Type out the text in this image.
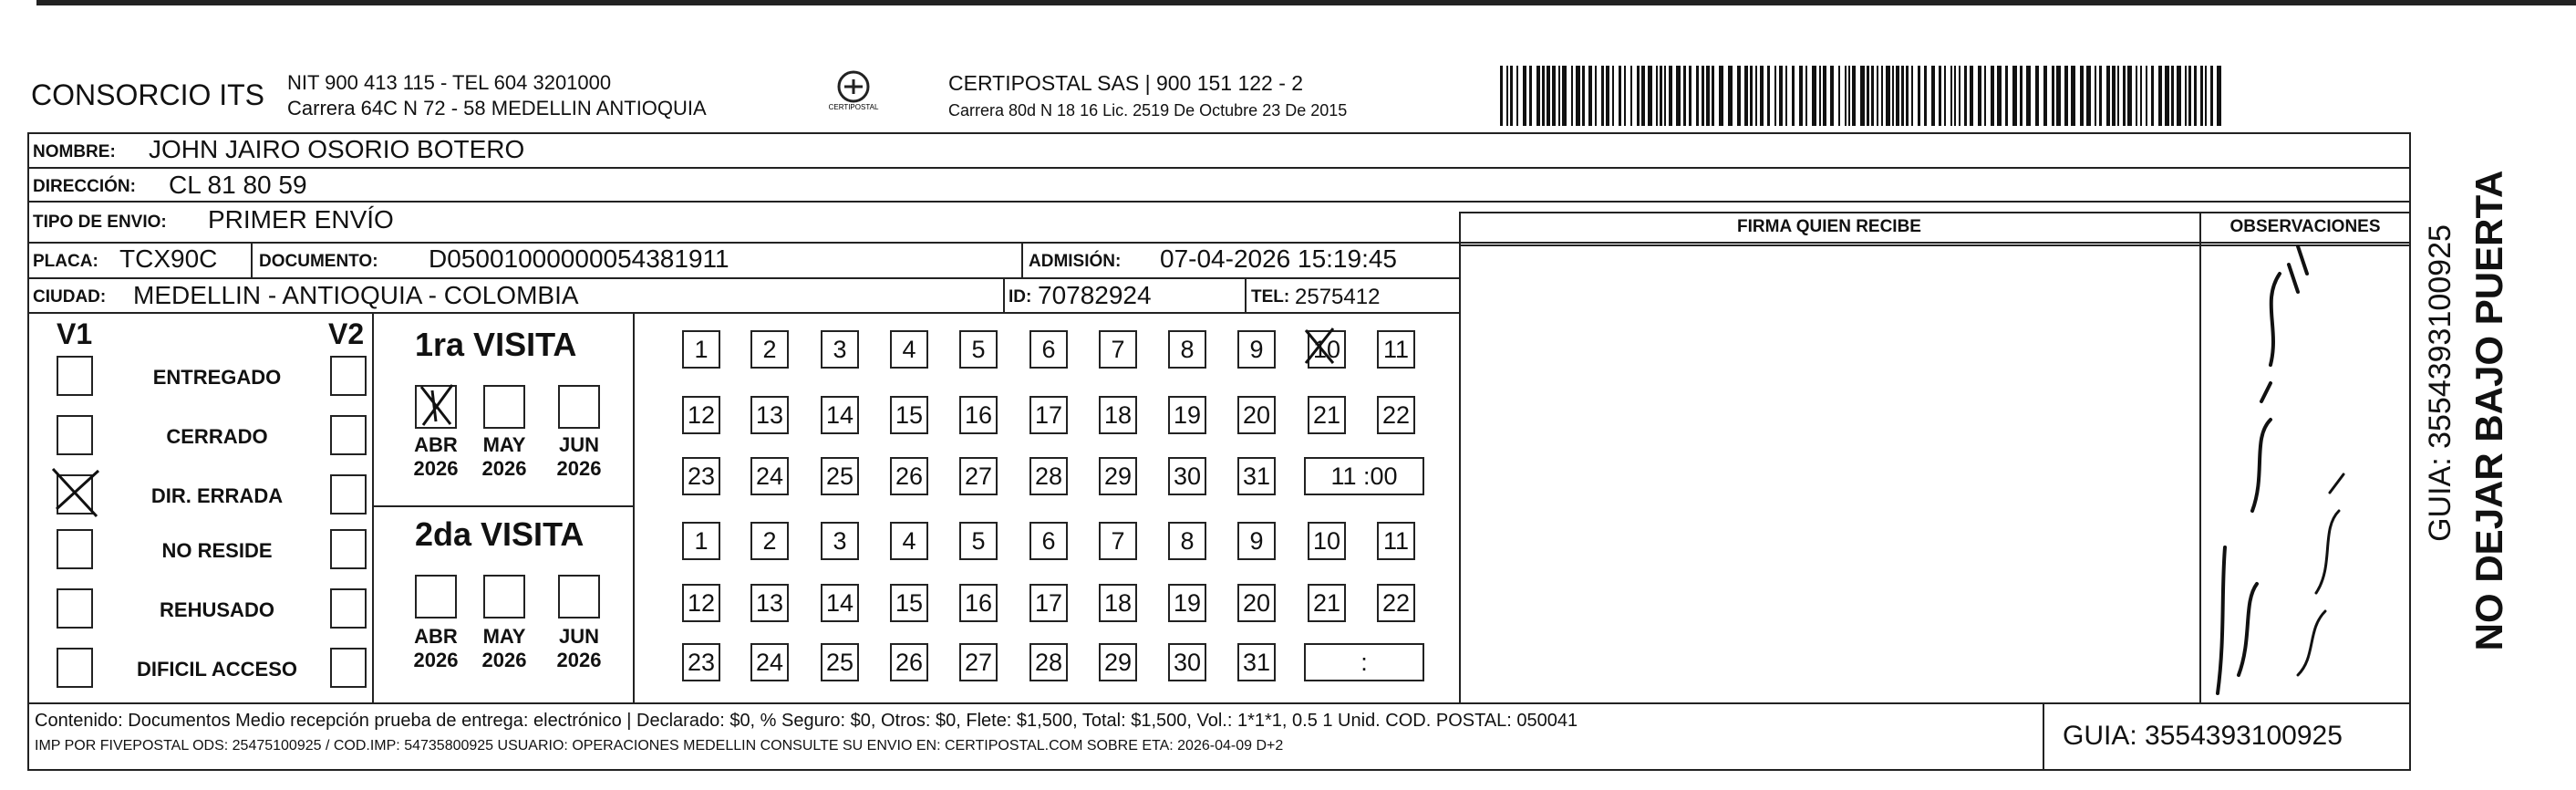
CONSORCIO ITS NIT 900 413 115 - TEL 604 3201000
Carrera 64C N 72 - 58 MEDELLIN ANTIOQUIA	CERTIPOSTAL
CERTIPOSTAL SAS | 900 151 122 - 2
Carrera 80d N 18 16 Lic. 2519 De Octubre 23 De 2015
NOMBRE: JOHN JAIRO OSORIO BOTERO
DIRECCIÓN: CL 81 80 59
TIPO DE ENVIO: PRIMER ENVÍO	FIRMA QUIEN RECIBE	OBSERVACIONES
PLACA: TCX90C DOCUMENTO: D05001000000054381911	ADMISIÓN: 07-04-2026 15:19:45
CIUDAD: MEDELLIN - ANTIOQUIA - COLOMBIA	ID: 70782924	TEL: 2575412
V1	V2
ENTREGADO
CERRADO
DIR. ERRADA
NO RESIDE
REHUSADO
DIFICIL ACCESO
1ra VISITA
2da VISITA
ABR
2026
MAY
2026
JUN
2026
ABR
2026
MAY
2026
JUN
2026
1	2	3	4	5	6	7	8	9	10 11
12 13 14 15 16 17 18 19 20 21 22
23 24 25 26 27 28 29 30 31	11 :00
1	2	3	4	5	6	7	8	9	10 11
12 13 14 15 16 17 18 19 20 21 22
23 24 25 26 27 28 29 30 31	:
Contenido: Documentos Medio recepción prueba de entrega: electrónico | Declarado: $0, % Seguro: $0, Otros: $0, Flete: $1,500, Total: $1,500, Vol.: 1*1*1, 0.5 1 Unid. COD. POSTAL: 050041
IMP POR FIVEPOSTAL ODS: 25475100925 / COD.IMP: 54735800925 USUARIO: OPERACIONES MEDELLIN CONSULTE SU ENVIO EN: CERTIPOSTAL.COM SOBRE ETA: 2026-04-09 D+2	GUIA: 3554393100925
NO DEJAR BAJO PUERTA
GUIA: 3554393100925
